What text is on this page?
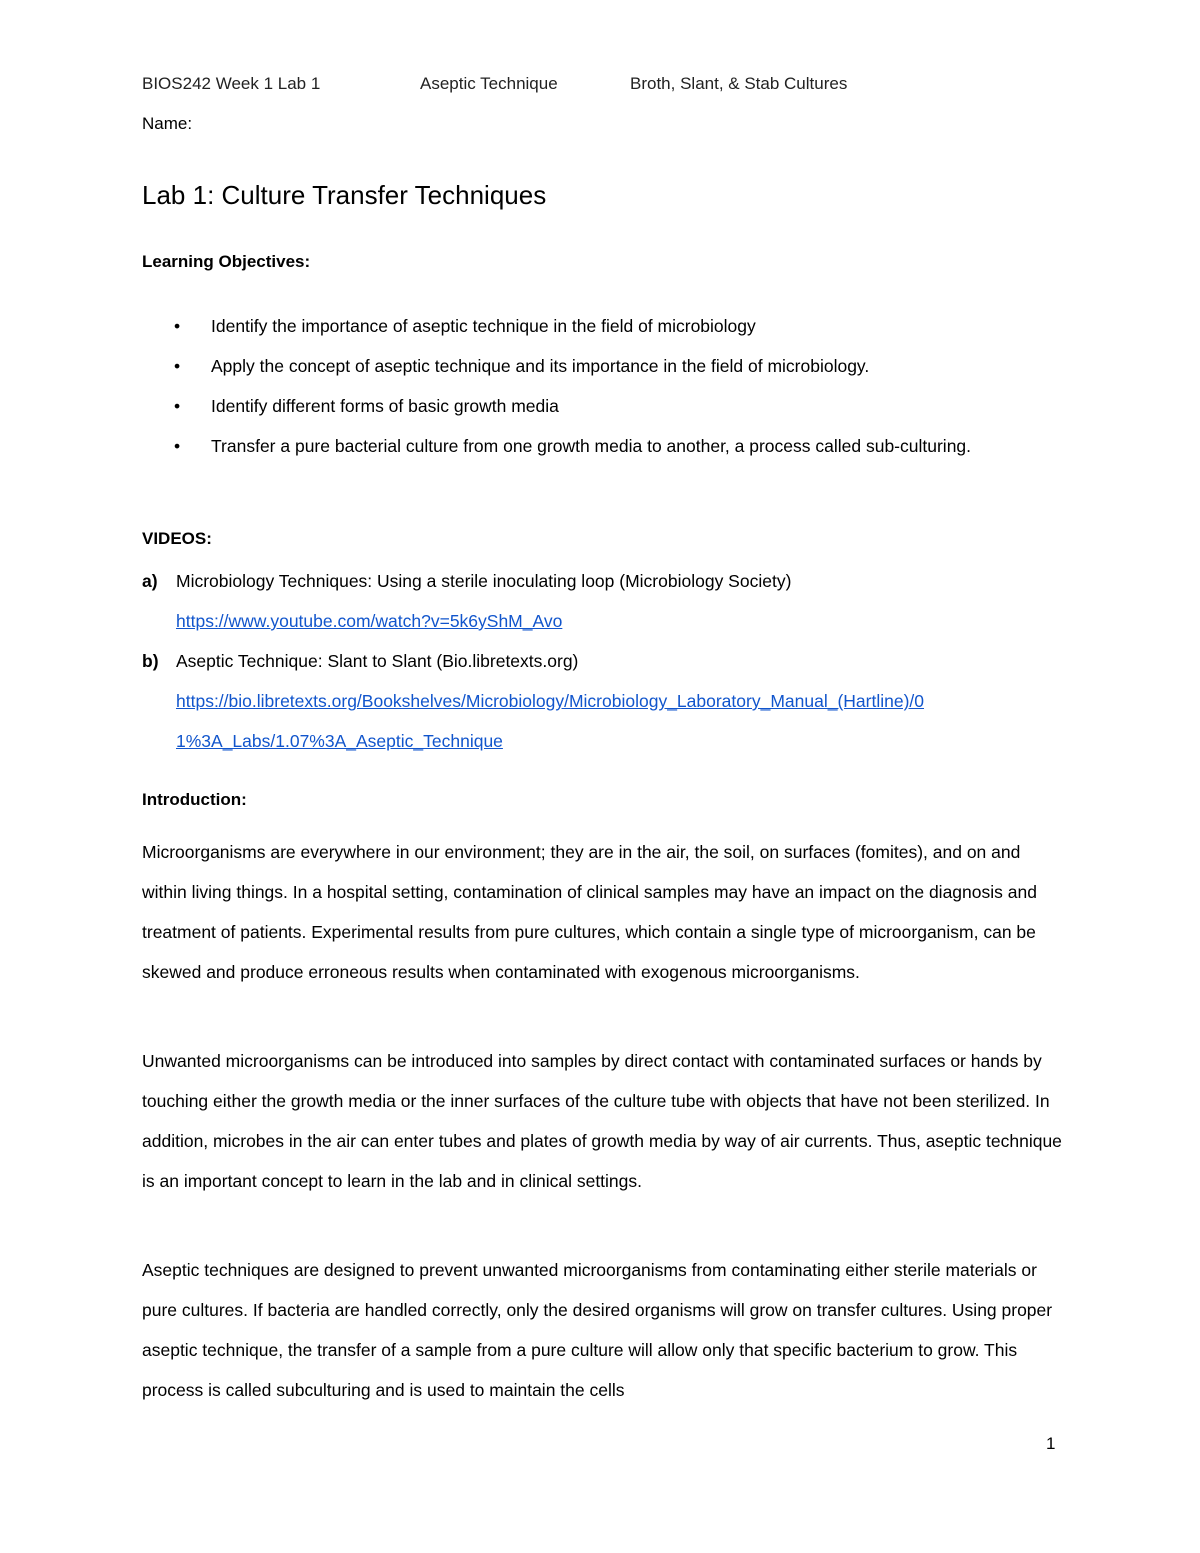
BIOS242 Week 1 Lab 1	Aseptic Technique	Broth, Slant, & Stab Cultures
Name:
Lab 1: Culture Transfer Techniques
Learning Objectives:
• Identify the importance of aseptic technique in the field of microbiology
• Apply the concept of aseptic technique and its importance in the field of microbiology.
• Identify different forms of basic growth media
• Transfer a pure bacterial culture from one growth media to another, a process called sub-culturing.
VIDEOS:
a) Microbiology Techniques: Using a sterile inoculating loop (Microbiology Society)
https://www.youtube.com/watch?v=5k6yShM_Avo
b) Aseptic Technique: Slant to Slant (Bio.libretexts.org)
https://bio.libretexts.org/Bookshelves/Microbiology/Microbiology_Laboratory_Manual_(Hartline)/0
1%3A_Labs/1.07%3A_Aseptic_Technique
Introduction:

Microorganisms are everywhere in our environment; they are in the air, the soil, on surfaces (fomites), and on and within living things. In a hospital setting, contamination of clinical samples may have an impact on the diagnosis and treatment of patients. Experimental results from pure cultures, which contain a single type of microorganism, can be skewed and produce erroneous results when contaminated with exogenous microorganisms.

Unwanted microorganisms can be introduced into samples by direct contact with contaminated surfaces or hands by touching either the growth media or the inner surfaces of the culture tube with objects that have not been sterilized. In addition, microbes in the air can enter tubes and plates of growth media by way of air currents. Thus, aseptic technique is an important concept to learn in the lab and in clinical settings.

Aseptic techniques are designed to prevent unwanted microorganisms from contaminating either sterile materials or pure cultures. If bacteria are handled correctly, only the desired organisms will grow on transfer cultures. Using proper aseptic technique, the transfer of a sample from a pure culture will allow only that specific bacterium to grow. This process is called subculturing and is used to maintain the cells

1
